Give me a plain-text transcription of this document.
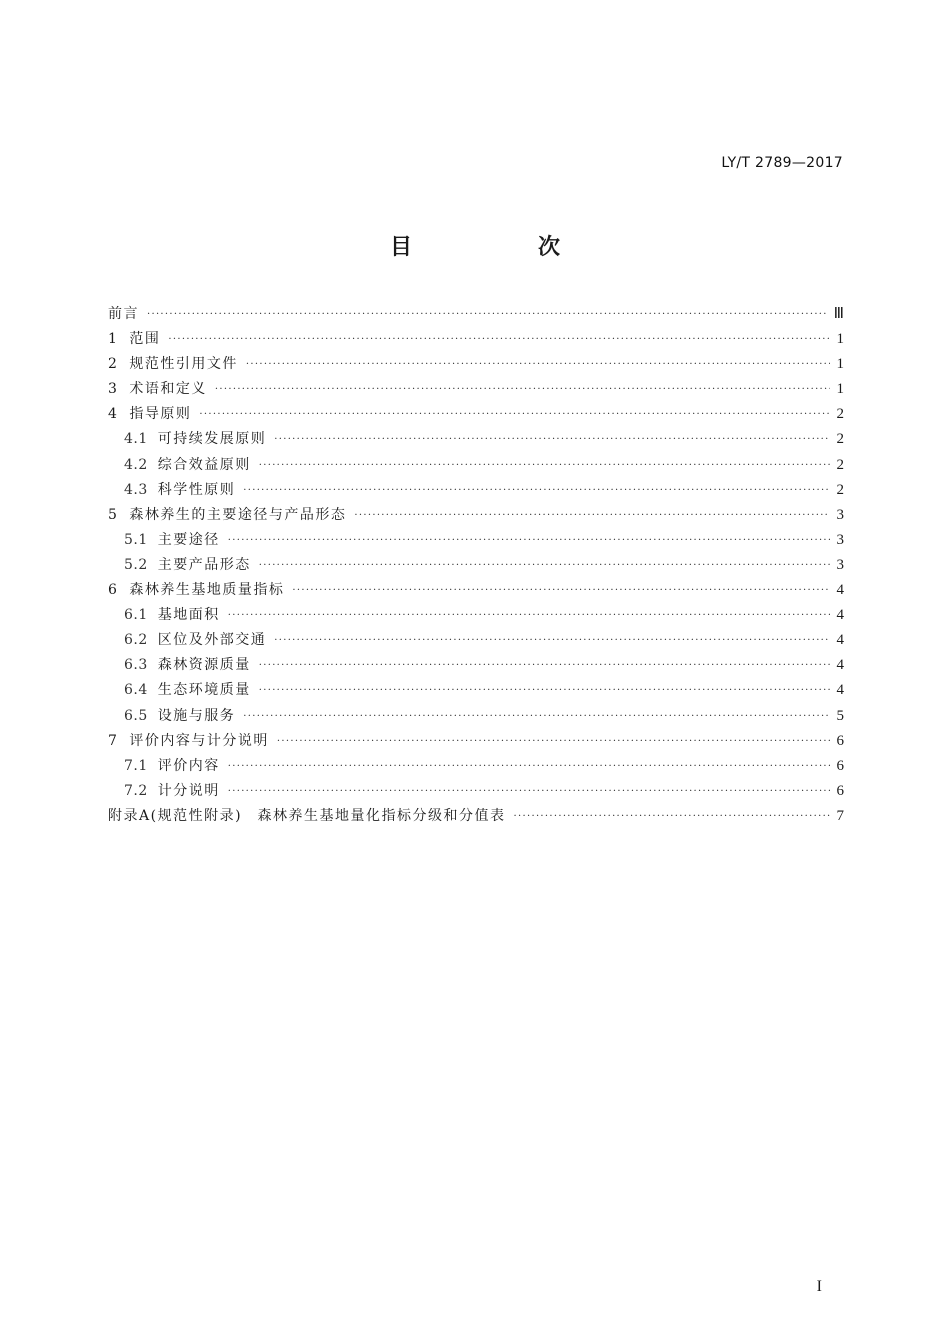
LY/T 2789—2017
目　次
前言 ·····	Ⅲ
1 范围 ·····	1
2 规范性引用文件 ·····	1
3 术语和定义 ·····	1
4 指导原则 ·····	2
4.1 可持续发展原则 ·····	2
4.2 综合效益原则 ·····	2
4.3 科学性原则 ·····	2
5 森林养生的主要途径与产品形态 ·····	3
5.1 主要途径 ·····	3
5.2 主要产品形态 ·····	3
6 森林养生基地质量指标 ·····	4
6.1 基地面积 ·····	4
6.2 区位及外部交通 ·····	4
6.3 森林资源质量 ·····	4
6.4 生态环境质量 ·····	4
6.5 设施与服务 ·····	5
7 评价内容与计分说明 ·····	6
7.1 评价内容 ·····	6
7.2 计分说明 ·····	6
附录A(规范性附录)　森林养生基地量化指标分级和分值表 ·····	7
I
